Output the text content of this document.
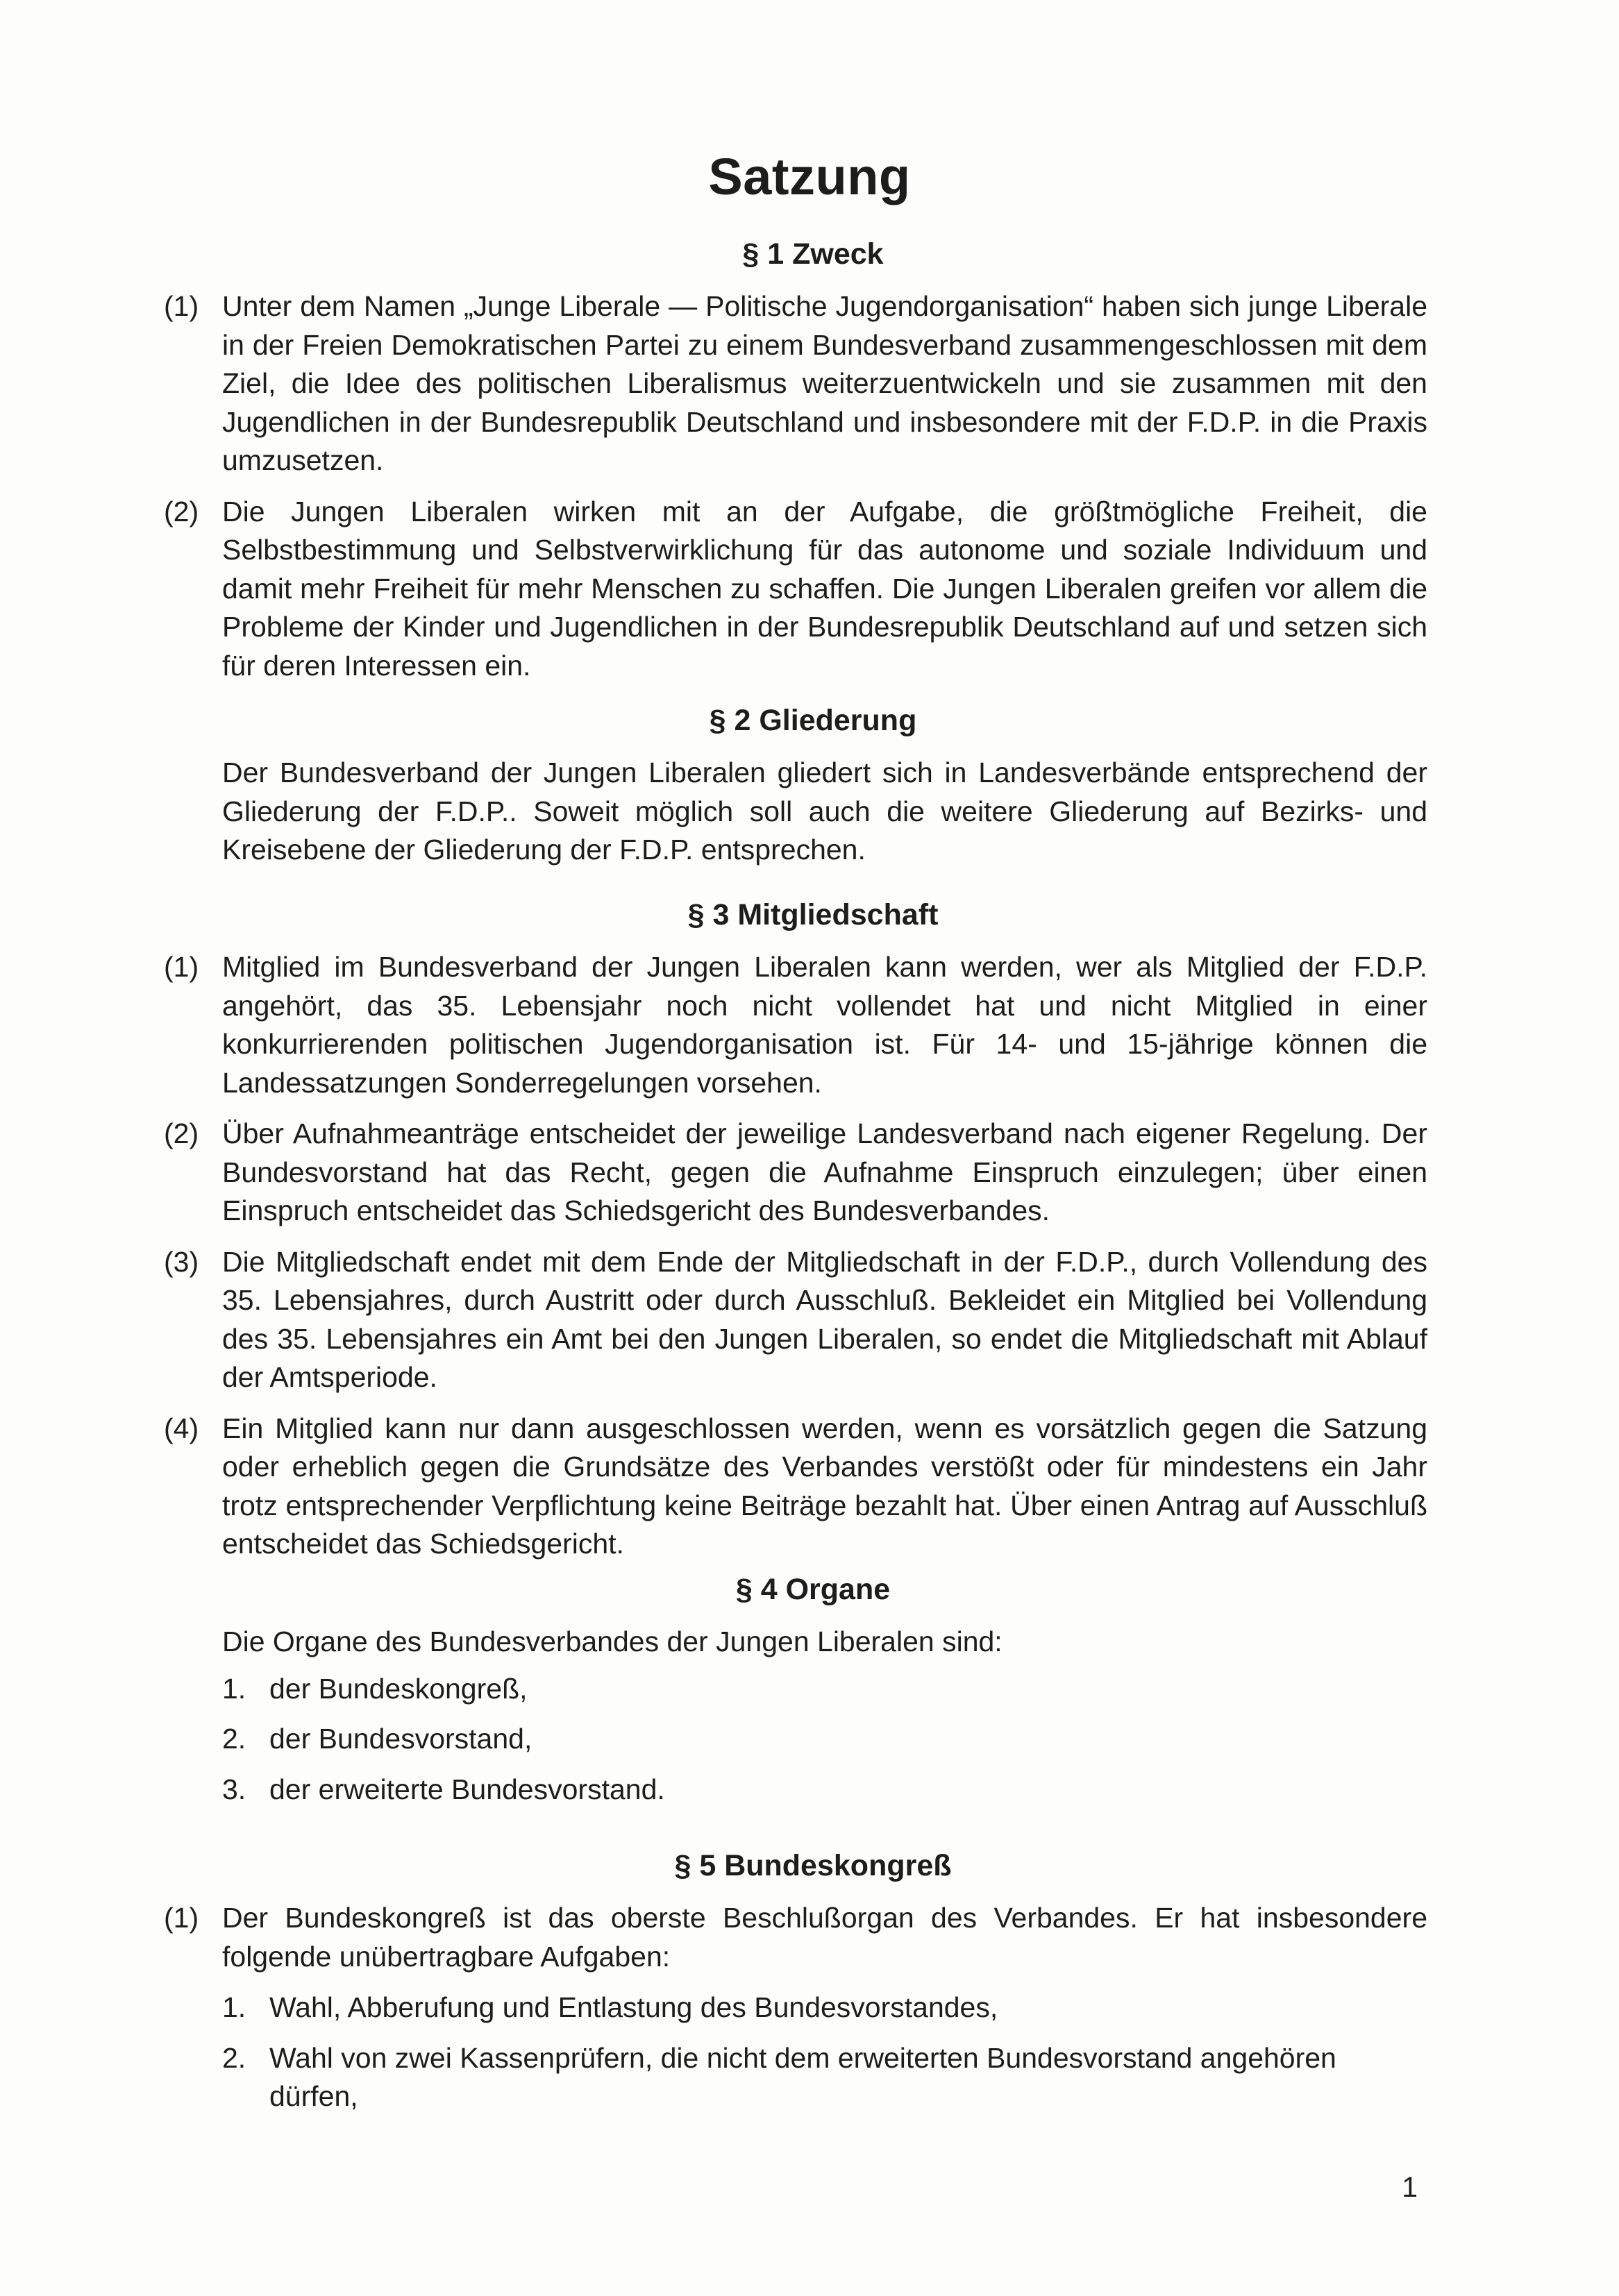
Satzung
§ 1 Zweck
(1) Unter dem Namen „Junge Liberale — Politische Jugendorganisation“ haben sich junge Liberale in der Freien Demokratischen Partei zu einem Bundesverband zusammengeschlossen mit dem Ziel, die Idee des politischen Liberalismus weiterzuentwickeln und sie zusammen mit den Jugendlichen in der Bundesrepublik Deutschland und insbesondere mit der F.D.P. in die Praxis umzusetzen.
(2) Die Jungen Liberalen wirken mit an der Aufgabe, die größtmögliche Freiheit, die Selbstbestimmung und Selbstverwirklichung für das autonome und soziale Individuum und damit mehr Freiheit für mehr Menschen zu schaffen. Die Jungen Liberalen greifen vor allem die Probleme der Kinder und Jugendlichen in der Bundesrepublik Deutschland auf und setzen sich für deren Interessen ein.
§ 2 Gliederung
Der Bundesverband der Jungen Liberalen gliedert sich in Landesverbände entsprechend der Gliederung der F.D.P.. Soweit möglich soll auch die weitere Gliederung auf Bezirks- und Kreisebene der Gliederung der F.D.P. entsprechen.
§ 3 Mitgliedschaft
(1) Mitglied im Bundesverband der Jungen Liberalen kann werden, wer als Mitglied der F.D.P. angehört, das 35. Lebensjahr noch nicht vollendet hat und nicht Mitglied in einer konkurrierenden politischen Jugendorganisation ist. Für 14- und 15-jährige können die Landessatzungen Sonderregelungen vorsehen.
(2) Über Aufnahmeanträge entscheidet der jeweilige Landesverband nach eigener Regelung. Der Bundesvorstand hat das Recht, gegen die Aufnahme Einspruch einzulegen; über einen Einspruch entscheidet das Schiedsgericht des Bundesverbandes.
(3) Die Mitgliedschaft endet mit dem Ende der Mitgliedschaft in der F.D.P., durch Vollendung des 35. Lebensjahres, durch Austritt oder durch Ausschluß. Bekleidet ein Mitglied bei Vollendung des 35. Lebensjahres ein Amt bei den Jungen Liberalen, so endet die Mitgliedschaft mit Ablauf der Amtsperiode.
(4) Ein Mitglied kann nur dann ausgeschlossen werden, wenn es vorsätzlich gegen die Satzung oder erheblich gegen die Grundsätze des Verbandes verstößt oder für mindestens ein Jahr trotz entsprechender Verpflichtung keine Beiträge bezahlt hat. Über einen Antrag auf Ausschluß entscheidet das Schiedsgericht.
§ 4 Organe
Die Organe des Bundesverbandes der Jungen Liberalen sind:
1. der Bundeskongreß,
2. der Bundesvorstand,
3. der erweiterte Bundesvorstand.
§ 5 Bundeskongreß
(1) Der Bundeskongreß ist das oberste Beschlußorgan des Verbandes. Er hat insbesondere folgende unübertragbare Aufgaben:
1. Wahl, Abberufung und Entlastung des Bundesvorstandes,
2. Wahl von zwei Kassenprüfern, die nicht dem erweiterten Bundesvorstand angehören dürfen,
1
